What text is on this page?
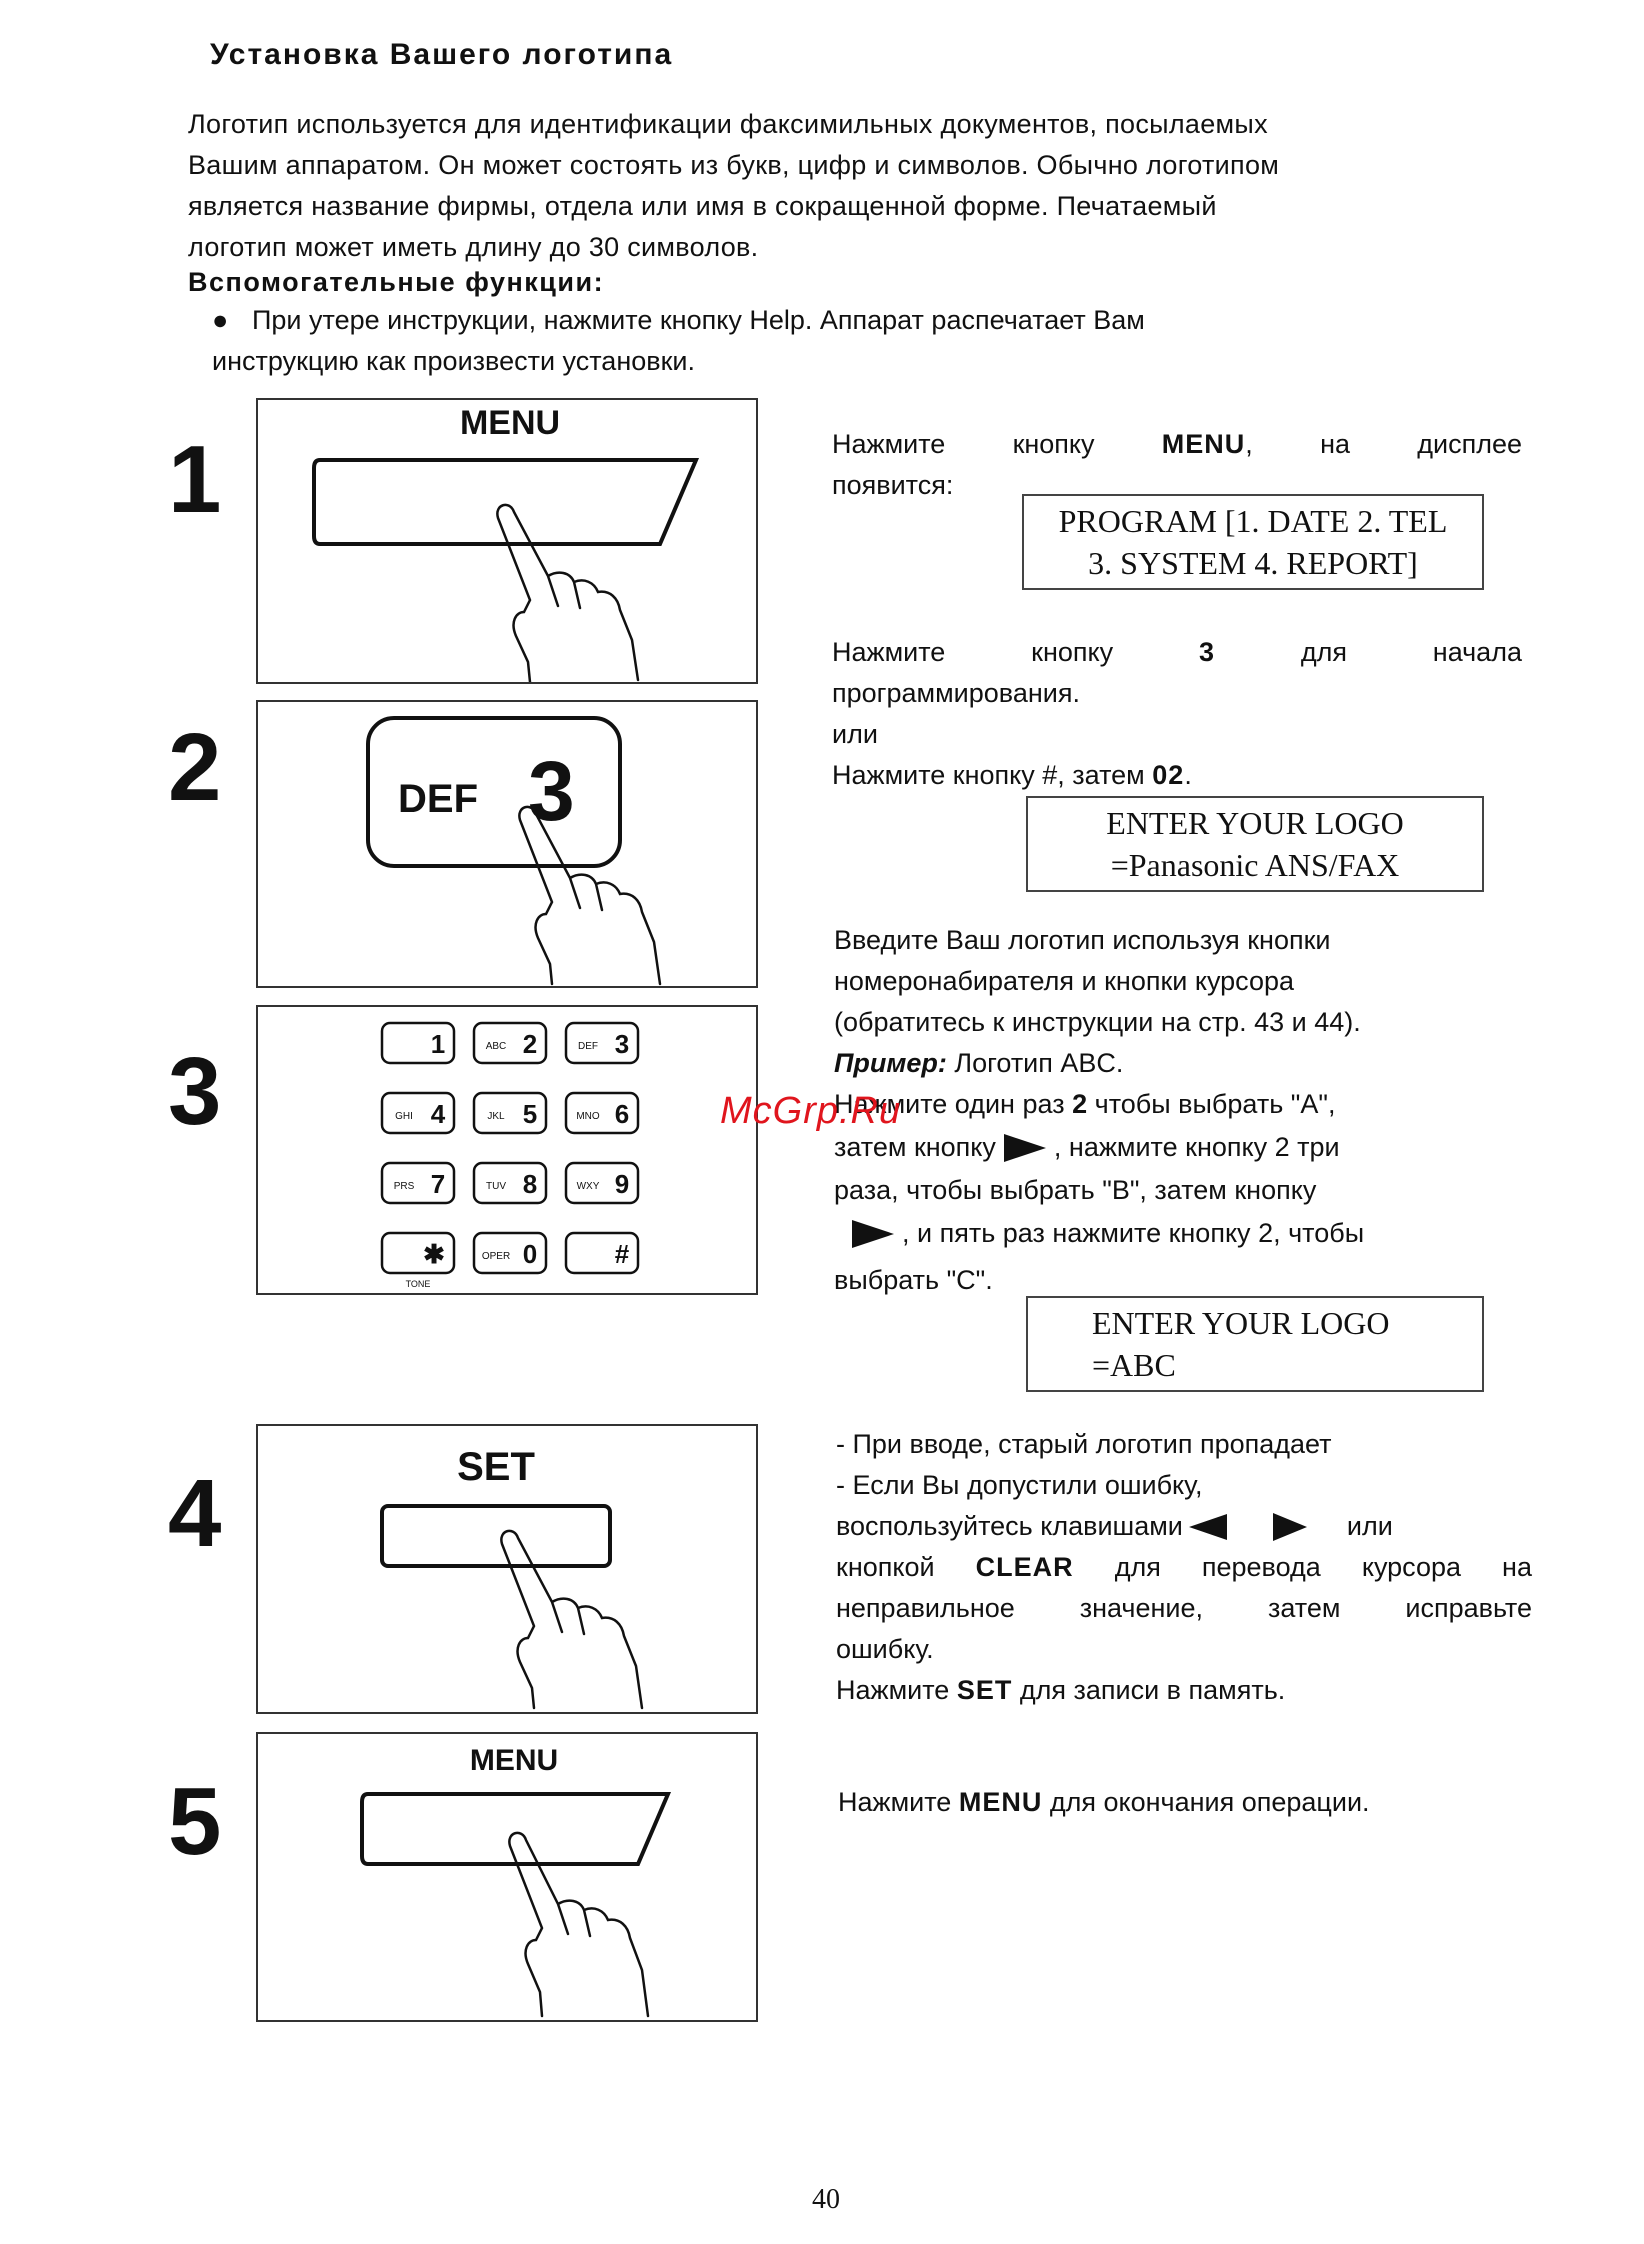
Установка Вашего логотипа

Логотип используется для идентификации факсимильных документов, посылаемых

Вашим аппаратом. Он может состоять из букв, цифр и символов. Обычно логотипом

является название фирмы, отдела или имя в сокращенной форме. Печатаемый

логотип может иметь длину до 30 символов.

Вспомогательные функции:
● При утере инструкции, нажмите кнопку Help. Аппарат распечатает Вам
инструкцию как произвести установки.
1
2
3
4
5
MENU
DEF 3
1	ABC 2	DEF 3
GHI 4	JKL 5	MNO 6
PRS 7	TUV 8	WXY 9
✱	OPER 0	#
TONE
SET
MENU
Нажмите кнопку MENU, на дисплее
появится:
PROGRAM [1. DATE 2. TEL
3. SYSTEM 4. REPORT]
Нажмите	кнопку	3	для	начала
программирования.
или
Нажмите кнопку #, затем 02.
ENTER YOUR LOGO
=Panasonic ANS/FAX
Введите Ваш логотип используя кнопки
номеронабирателя и кнопки курсора
(обратитесь к инструкции на стр. 43 и 44).
Пример: Логотип ABC.
Нажмите один раз 2 чтобы выбрать "A",
затем кнопку , нажмите кнопку 2 три
раза, чтобы выбрать "B", затем кнопку
, и пять раз нажмите кнопку 2, чтобы
выбрать "C".
ENTER YOUR LOGO
=ABC
- При вводе, старый логотип пропадает
- Если Вы допустили ошибку,
воспользуйтесь клавишами	или
кнопкой CLEAR для перевода курсора на
неправильное значение, затем исправьте
ошибку.
Нажмите SET для записи в память.
Нажмите MENU для окончания операции.
McGrp.Ru
40
